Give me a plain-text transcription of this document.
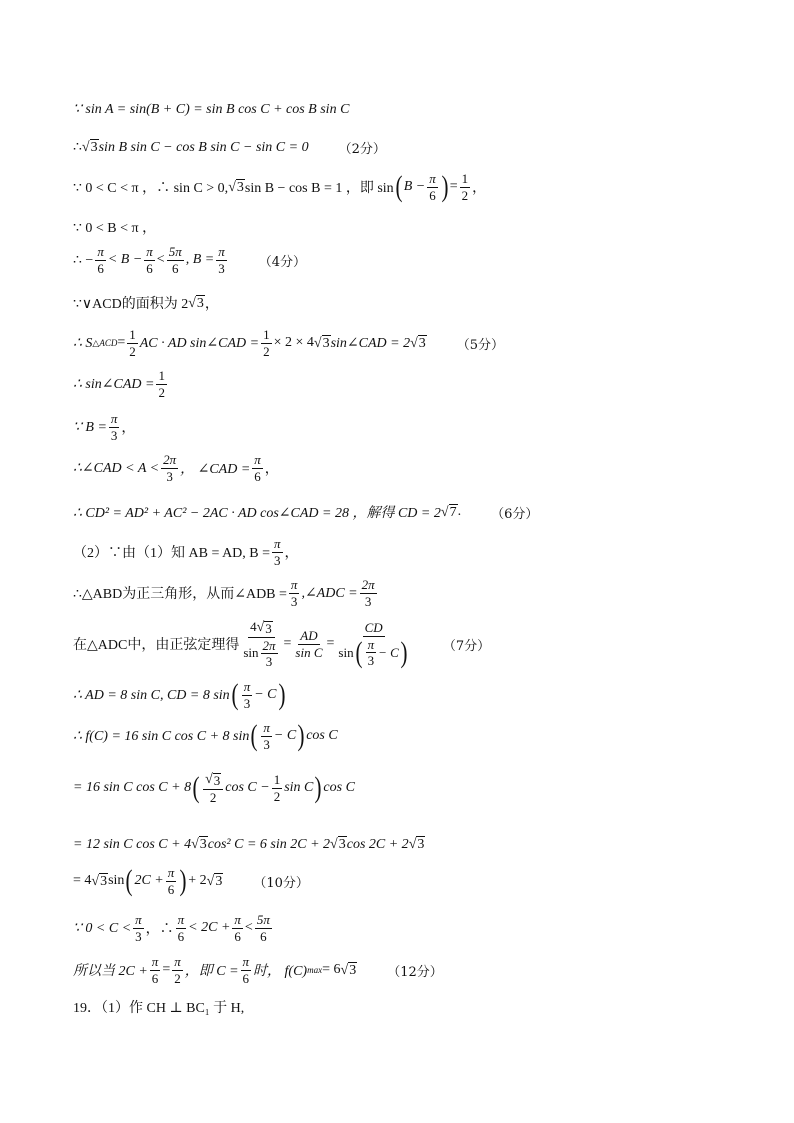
∵ sin A = sin(B + C) = sin B cos C + cos B sin C
∴ √ 3 sin B sin C − cos B sin C − sin C = 0 （2分）
∵ 0 < C < π ，∴ sin C > 0, √ 3 sin B − cos B = 1 ，即 sin ( $B - \frac{\pi}{6}$ ) = $\frac{1}{2}$ ，
∵ 0 < B < π ，
∴ − $\frac{\pi}{6} < B - \frac{\pi}{6} < \frac{5\pi}{6}$ , $B = \frac{\pi}{3} (4$分）
∵∨ACD的面积为 2 √ 3 ，
∴ S △ACD = $\frac{1}{2}$ AC · AD sin∠CAD = $\frac{1}{2} \times 2 \times 4$ √ 3 sin∠CAD = 2 √ 3 （5分）
∴ sin∠CAD = $\frac{1}{2}$
∵ $B = \frac{\pi}{3}$ ，
∴∠CAD < $A < \frac{2\pi}{3}$ ， ∠CAD = $\frac{\pi}{6}$ ，
∴ CD² = AD² + AC² − 2AC · AD cos∠CAD = 28 ，解得 CD = 2 √ 7 . （6分）
（2）∵由（1）知 AB = AD, $B = \frac{\pi}{3}$ ，
∴△ABD为正三角形，从而∠ADB = $\frac{\pi}{3}$ ,∠ADC = $\frac{2\pi}{3}$
在△ADC中，由正弦定理得 $\frac{4 √ 3}{\sin \frac{2\pi}{3}} = \frac{AD}{\text{sin C}} = \frac{CD}{\sin ( \frac{\pi}{3} - C )} (7$分）
∴ AD = 8 sin C, CD = 8 sin ( $\frac{\pi}{3} - C$ )
∴ f(C) = 16 sin C cos C + 8 sin ( $\frac{\pi}{3} - C$ ) cos C
= 16 sin C cos C + 8 ( $\frac{√ 3}{2}$ $\cos C - \frac{1}{2}$ sin C ) cos C
= 12 sin C cos C + 4 √ 3 cos² C = 6 sin 2C + 2 √ 3 cos 2C + 2 √ 3
= 4 √ 3 sin ( $2C + \frac{\pi}{6}$ ) + 2 √ 3 （10分）
∵ $0 < C < \frac{\pi}{3}$ ，∴ $\frac{\pi}{6} < 2C + \frac{\pi}{6} < \frac{5\pi}{6}$
所以当 $2C + \frac{\pi}{6} = \frac{\pi}{2}$ ，即 $C = \frac{\pi}{6}$ 时， f(C) max = 6 √ 3 （12分）
19．（1）作 CH ⊥ BC₁ 于 H,
